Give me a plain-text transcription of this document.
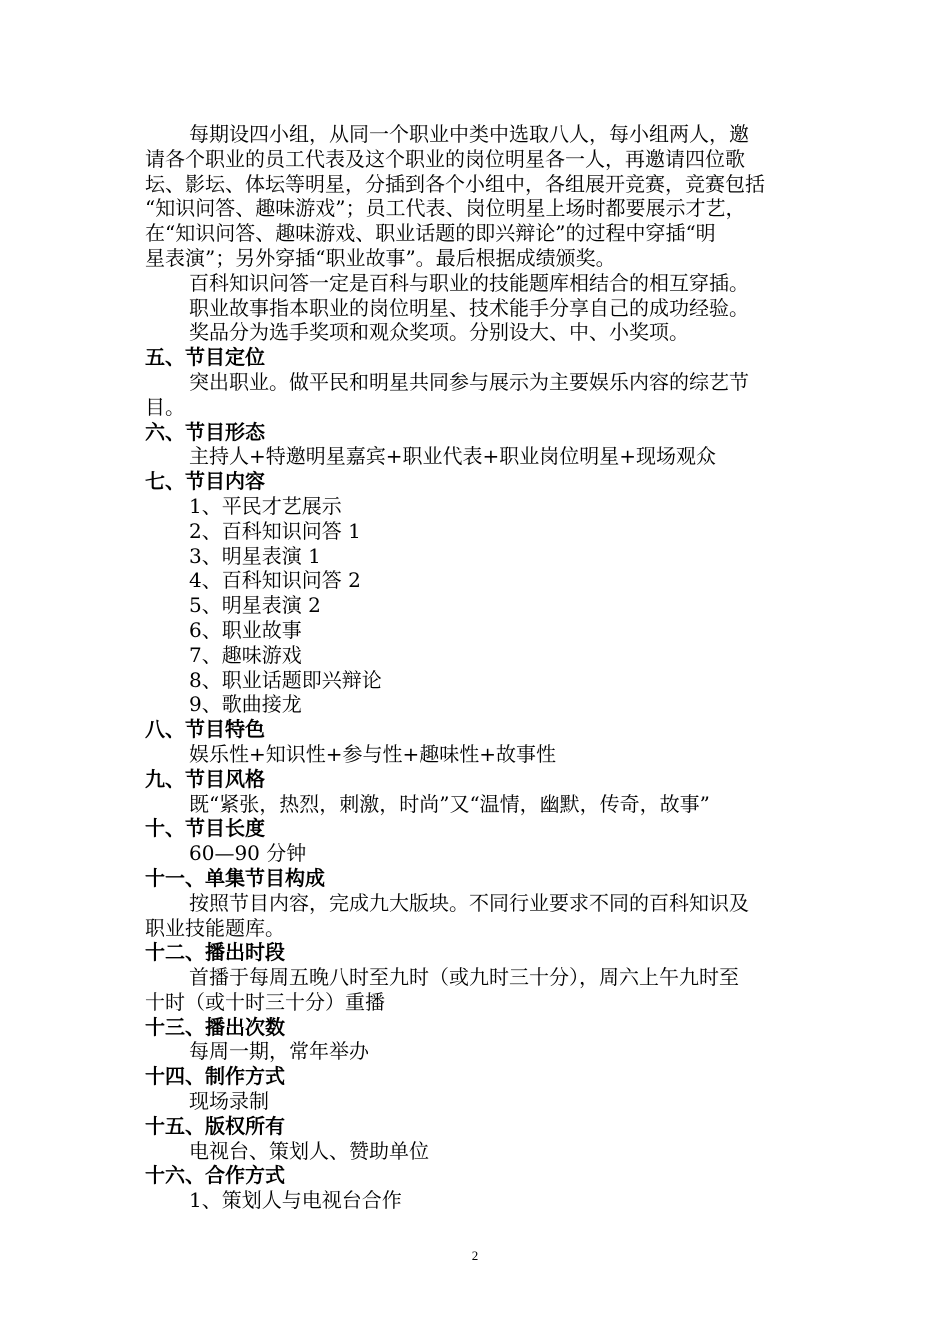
每期设四小组，从同一个职业中类中选取八人，每小组两人，邀
请各个职业的员工代表及这个职业的岗位明星各一人，再邀请四位歌
坛、影坛、体坛等明星，分插到各个小组中，各组展开竞赛，竞赛包括
“知识问答、趣味游戏”；员工代表、岗位明星上场时都要展示才艺，
在“知识问答、趣味游戏、职业话题的即兴辩论”的过程中穿插“明
星表演”；另外穿插“职业故事”。最后根据成绩颁奖。
百科知识问答一定是百科与职业的技能题库相结合的相互穿插。
职业故事指本职业的岗位明星、技术能手分享自己的成功经验。
奖品分为选手奖项和观众奖项。分别设大、中、小奖项。
五、节目定位
突出职业。做平民和明星共同参与展示为主要娱乐内容的综艺节
目。
六、节目形态
主持人+特邀明星嘉宾+职业代表+职业岗位明星+现场观众
七、节目内容
1、平民才艺展示
2、百科知识问答 1
3、明星表演 1
4、百科知识问答 2
5、明星表演 2
6、职业故事
7、趣味游戏
8、职业话题即兴辩论
9、歌曲接龙
八、节目特色
娱乐性+知识性+参与性+趣味性+故事性
九、节目风格
既“紧张，热烈，刺激，时尚”又“温情，幽默，传奇，故事”
十、节目长度
60—90 分钟
十一、单集节目构成
按照节目内容，完成九大版块。不同行业要求不同的百科知识及
职业技能题库。
十二、播出时段
首播于每周五晚八时至九时（或九时三十分），周六上午九时至
十时（或十时三十分）重播
十三、播出次数
每周一期，常年举办
十四、制作方式
现场录制
十五、版权所有
电视台、策划人、赞助单位
十六、合作方式
1、策划人与电视台合作
2
